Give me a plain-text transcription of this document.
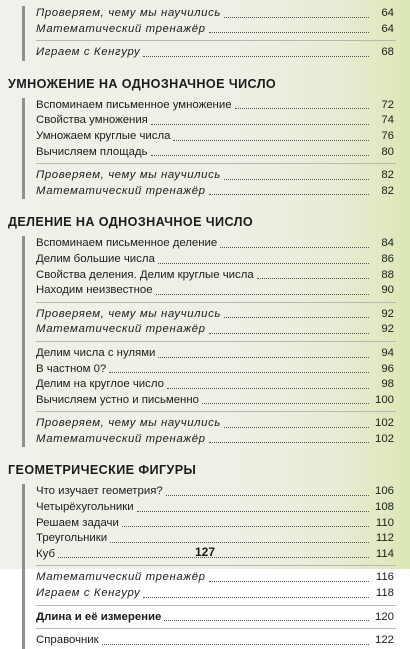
Проверяем, чему мы научились	64
Математический тренажёр	64
Играем с Кенгуру	68
УМНОЖЕНИЕ НА ОДНОЗНАЧНОЕ ЧИСЛО
Вспоминаем письменное умножение	72
Свойства умножения	74
Умножаем круглые числа	76
Вычисляем площадь	80
Проверяем, чему мы научились	82
Математический тренажёр	82
ДЕЛЕНИЕ НА ОДНОЗНАЧНОЕ ЧИСЛО
Вспоминаем письменное деление	84
Делим большие числа	86
Свойства деления. Делим круглые числа	88
Находим неизвестное	90
Проверяем, чему мы научились	92
Математический тренажёр	92
Делим числа с нулями	94
В частном 0?	96
Делим на круглое число	98
Вычисляем устно и письменно	100
Проверяем, чему мы научились	102
Математический тренажёр	102
ГЕОМЕТРИЧЕСКИЕ ФИГУРЫ
Что изучает геометрия?	106
Четырёхугольники	108
Решаем задачи	110
Треугольники	112
Куб	114
Математический тренажёр	116
Играем с Кенгуру	118
Длина и её измерение	120
Справочник	122
127
